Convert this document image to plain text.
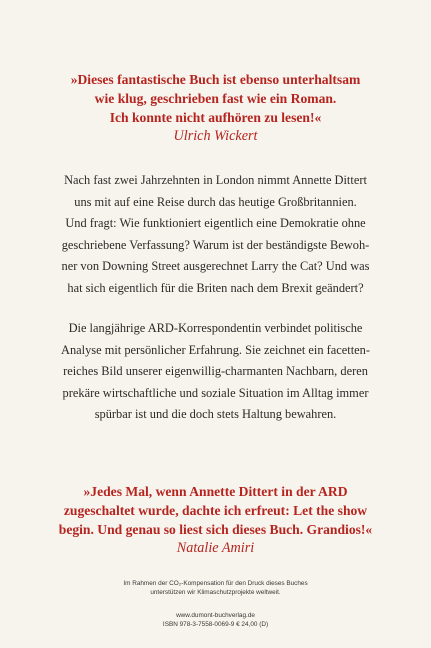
»Dieses fantastische Buch ist ebenso unterhaltsam
wie klug, geschrieben fast wie ein Roman.
Ich konnte nicht aufhören zu lesen!«
Ulrich Wickert
Nach fast zwei Jahrzehnten in London nimmt Annette Dittert
uns mit auf eine Reise durch das heutige Großbritannien.
Und fragt: Wie funktioniert eigentlich eine Demokratie ohne
geschriebene Verfassung? Warum ist der beständigste Bewoh-
ner von Downing Street ausgerechnet Larry the Cat? Und was
hat sich eigentlich für die Briten nach dem Brexit geändert?
Die langjährige ARD-Korrespondentin verbindet politische
Analyse mit persönlicher Erfahrung. Sie zeichnet ein facetten-
reiches Bild unserer eigenwillig-charmanten Nachbarn, deren
prekäre wirtschaftliche und soziale Situation im Alltag immer
spürbar ist und die doch stets Haltung bewahren.
»Jedes Mal, wenn Annette Dittert in der ARD
zugeschaltet wurde, dachte ich erfreut: Let the show
begin. Und genau so liest sich dieses Buch. Grandios!«
Natalie Amiri
Im Rahmen der CO₂-Kompensation für den Druck dieses Buches
unterstützen wir Klimaschutzprojekte weltweit.
www.dumont-buchverlag.de
ISBN 978-3-7558-0069-9 € 24,00 (D)
